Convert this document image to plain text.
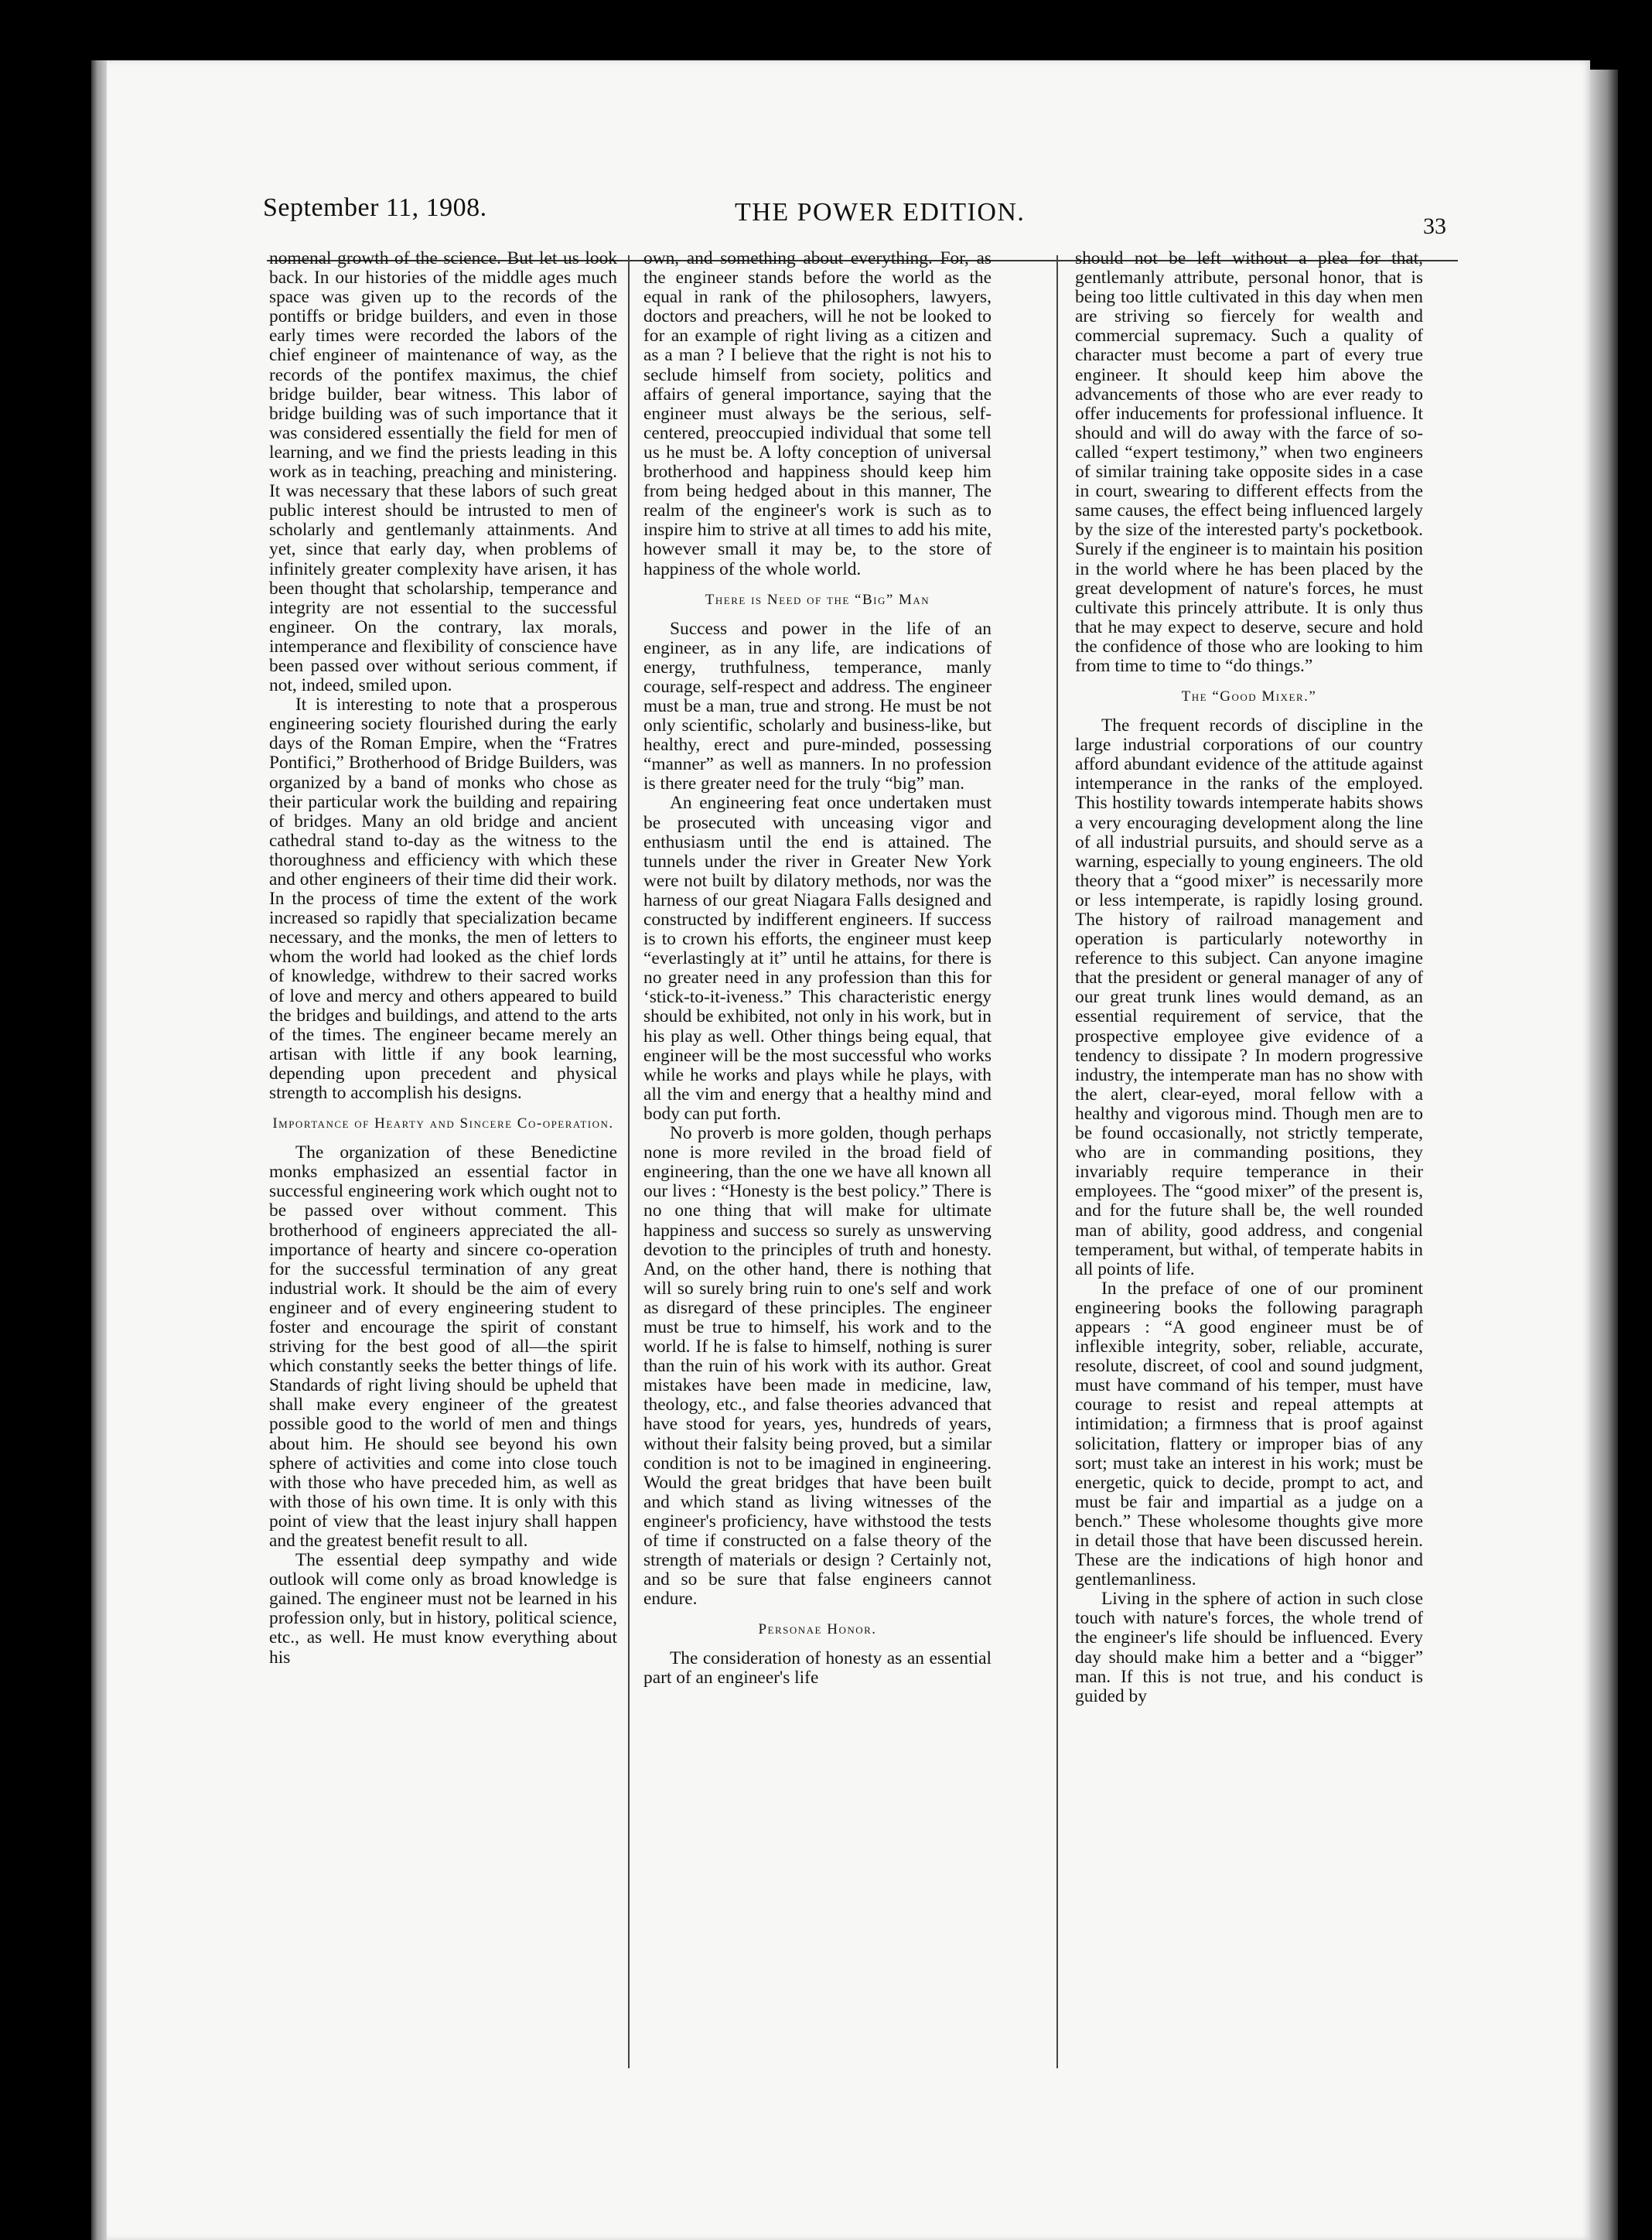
September 11, 1908.	THE POWER EDITION.	33

nomenal growth of the science. But let us look back. In our histories of the middle ages much space was given up to the records of the pontiffs or bridge builders, and even in those early times were recorded the labors of the chief engineer of maintenance of way, as the records of the pontifex maximus, the chief bridge builder, bear witness. This labor of bridge building was of such importance that it was considered essentially the field for men of learning, and we find the priests leading in this work as in teaching, preaching and ministering. It was necessary that these labors of such great public interest should be intrusted to men of scholarly and gentlemanly attainments. And yet, since that early day, when problems of infinitely greater complexity have arisen, it has been thought that scholarship, temperance and integrity are not essential to the successful engineer. On the contrary, lax morals, intemperance and flexibility of conscience have been passed over without serious comment, if not, indeed, smiled upon.

It is interesting to note that a prosperous engineering society flourished during the early days of the Roman Empire, when the “Fratres Pontifici,” Brotherhood of Bridge Builders, was organized by a band of monks who chose as their particular work the building and repairing of bridges. Many an old bridge and ancient cathedral stand to-day as the witness to the thoroughness and efficiency with which these and other engineers of their time did their work. In the process of time the extent of the work increased so rapidly that specialization became necessary, and the monks, the men of letters to whom the world had looked as the chief lords of knowledge, withdrew to their sacred works of love and mercy and others appeared to build the bridges and buildings, and attend to the arts of the times. The engineer became merely an artisan with little if any book learning, depending upon precedent and physical strength to accomplish his designs.

Importance of Hearty and Sincere Co-operation.

The organization of these Benedictine monks emphasized an essential factor in successful engineering work which ought not to be passed over without comment. This brotherhood of engineers appreciated the all-importance of hearty and sincere co-operation for the successful termination of any great industrial work. It should be the aim of every engineer and of every engineering student to foster and encourage the spirit of constant striving for the best good of all—the spirit which constantly seeks the better things of life. Standards of right living should be upheld that shall make every engineer of the greatest possible good to the world of men and things about him. He should see beyond his own sphere of activities and come into close touch with those who have preceded him, as well as with those of his own time. It is only with this point of view that the least injury shall happen and the greatest benefit result to all.

The essential deep sympathy and wide outlook will come only as broad knowledge is gained. The engineer must not be learned in his profession only, but in history, political science, etc., as well. He must know everything about his

own, and something about everything. For, as the engineer stands before the world as the equal in rank of the philosophers, lawyers, doctors and preachers, will he not be looked to for an example of right living as a citizen and as a man ? I believe that the right is not his to seclude himself from society, politics and affairs of general importance, saying that the engineer must always be the serious, self-centered, preoccupied individual that some tell us he must be. A lofty conception of universal brotherhood and happiness should keep him from being hedged about in this manner, The realm of the engineer's work is such as to inspire him to strive at all times to add his mite, however small it may be, to the store of happiness of the whole world.

There is Need of the “Big” Man

Success and power in the life of an engineer, as in any life, are indications of energy, truthfulness, temperance, manly courage, self-respect and address. The engineer must be a man, true and strong. He must be not only scientific, scholarly and business-like, but healthy, erect and pure-minded, possessing “manner” as well as manners. In no profession is there greater need for the truly “big” man.

An engineering feat once undertaken must be prosecuted with unceasing vigor and enthusiasm until the end is attained. The tunnels under the river in Greater New York were not built by dilatory methods, nor was the harness of our great Niagara Falls designed and constructed by indifferent engineers. If success is to crown his efforts, the engineer must keep “everlastingly at it” until he attains, for there is no greater need in any profession than this for ‘stick-to-it-iveness.” This characteristic energy should be exhibited, not only in his work, but in his play as well. Other things being equal, that engineer will be the most successful who works while he works and plays while he plays, with all the vim and energy that a healthy mind and body can put forth.

No proverb is more golden, though perhaps none is more reviled in the broad field of engineering, than the one we have all known all our lives : “Honesty is the best policy.” There is no one thing that will make for ultimate happiness and success so surely as unswerving devotion to the principles of truth and honesty. And, on the other hand, there is nothing that will so surely bring ruin to one's self and work as disregard of these principles. The engineer must be true to himself, his work and to the world. If he is false to himself, nothing is surer than the ruin of his work with its author. Great mistakes have been made in medicine, law, theology, etc., and false theories advanced that have stood for years, yes, hundreds of years, without their falsity being proved, but a similar condition is not to be imagined in engineering. Would the great bridges that have been built and which stand as living witnesses of the engineer's proficiency, have withstood the tests of time if constructed on a false theory of the strength of materials or design ? Certainly not, and so be sure that false engineers cannot endure.

Personae Honor.

The consideration of honesty as an essential part of an engineer's life

should not be left without a plea for that, gentlemanly attribute, personal honor, that is being too little cultivated in this day when men are striving so fiercely for wealth and commercial supremacy. Such a quality of character must become a part of every true engineer. It should keep him above the advancements of those who are ever ready to offer inducements for professional influence. It should and will do away with the farce of so-called “expert testimony,” when two engineers of similar training take opposite sides in a case in court, swearing to different effects from the same causes, the effect being influenced largely by the size of the interested party's pocketbook. Surely if the engineer is to maintain his position in the world where he has been placed by the great development of nature's forces, he must cultivate this princely attribute. It is only thus that he may expect to deserve, secure and hold the confidence of those who are looking to him from time to time to “do things.”

The “Good Mixer.”

The frequent records of discipline in the large industrial corporations of our country afford abundant evidence of the attitude against intemperance in the ranks of the employed. This hostility towards intemperate habits shows a very encouraging development along the line of all industrial pursuits, and should serve as a warning, especially to young engineers. The old theory that a “good mixer” is necessarily more or less intemperate, is rapidly losing ground. The history of railroad management and operation is particularly noteworthy in reference to this subject. Can anyone imagine that the president or general manager of any of our great trunk lines would demand, as an essential requirement of service, that the prospective employee give evidence of a tendency to dissipate ? In modern progressive industry, the intemperate man has no show with the alert, clear-eyed, moral fellow with a healthy and vigorous mind. Though men are to be found occasionally, not strictly temperate, who are in commanding positions, they invariably require temperance in their employees. The “good mixer” of the present is, and for the future shall be, the well rounded man of ability, good address, and congenial temperament, but withal, of temperate habits in all points of life.

In the preface of one of our prominent engineering books the following paragraph appears : “A good engineer must be of inflexible integrity, sober, reliable, accurate, resolute, discreet, of cool and sound judgment, must have command of his temper, must have courage to resist and repeal attempts at intimidation; a firmness that is proof against solicitation, flattery or improper bias of any sort; must take an interest in his work; must be energetic, quick to decide, prompt to act, and must be fair and impartial as a judge on a bench.” These wholesome thoughts give more in detail those that have been discussed herein. These are the indications of high honor and gentlemanliness.

Living in the sphere of action in such close touch with nature's forces, the whole trend of the engineer's life should be influenced. Every day should make him a better and a “bigger” man. If this is not true, and his conduct is guided by
